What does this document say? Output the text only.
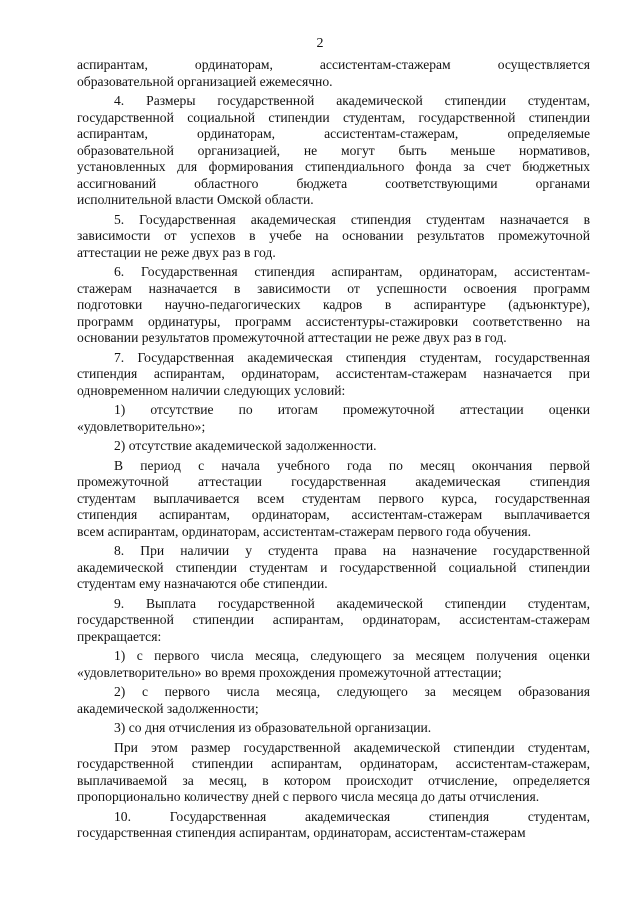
2

аспирантам, ординаторам, ассистентам-стажерам осуществляется
образовательной организацией ежемесячно.

4. Размеры государственной академической стипендии студентам,
государственной социальной стипендии студентам, государственной стипендии
аспирантам, ординаторам, ассистентам-стажерам, определяемые
образовательной организацией, не могут быть меньше нормативов,
установленных для формирования стипендиального фонда за счет бюджетных
ассигнований областного бюджета соответствующими органами
исполнительной власти Омской области.

5. Государственная академическая стипендия студентам назначается в
зависимости от успехов в учебе на основании результатов промежуточной
аттестации не реже двух раз в год.

6. Государственная стипендия аспирантам, ординаторам, ассистентам-
стажерам назначается в зависимости от успешности освоения программ
подготовки научно-педагогических кадров в аспирантуре (адъюнктуре),
программ ординатуры, программ ассистентуры-стажировки соответственно на
основании результатов промежуточной аттестации не реже двух раз в год.

7. Государственная академическая стипендия студентам, государственная
стипендия аспирантам, ординаторам, ассистентам-стажерам назначается при
одновременном наличии следующих условий:

1) отсутствие по итогам промежуточной аттестации оценки
«удовлетворительно»;

2) отсутствие академической задолженности.

В период с начала учебного года по месяц окончания первой
промежуточной аттестации государственная академическая стипендия
студентам выплачивается всем студентам первого курса, государственная
стипендия аспирантам, ординаторам, ассистентам-стажерам выплачивается
всем аспирантам, ординаторам, ассистентам-стажерам первого года обучения.

8. При наличии у студента права на назначение государственной
академической стипендии студентам и государственной социальной стипендии
студентам ему назначаются обе стипендии.

9. Выплата государственной академической стипендии студентам,
государственной стипендии аспирантам, ординаторам, ассистентам-стажерам
прекращается:

1) с первого числа месяца, следующего за месяцем получения оценки
«удовлетворительно» во время прохождения промежуточной аттестации;

2) с первого числа месяца, следующего за месяцем образования
академической задолженности;

3) со дня отчисления из образовательной организации.

При этом размер государственной академической стипендии студентам,
государственной стипендии аспирантам, ординаторам, ассистентам-стажерам,
выплачиваемой за месяц, в котором происходит отчисление, определяется
пропорционально количеству дней с первого числа месяца до даты отчисления.

10. Государственная академическая стипендия студентам,
государственная стипендия аспирантам, ординаторам, ассистентам-стажерам
